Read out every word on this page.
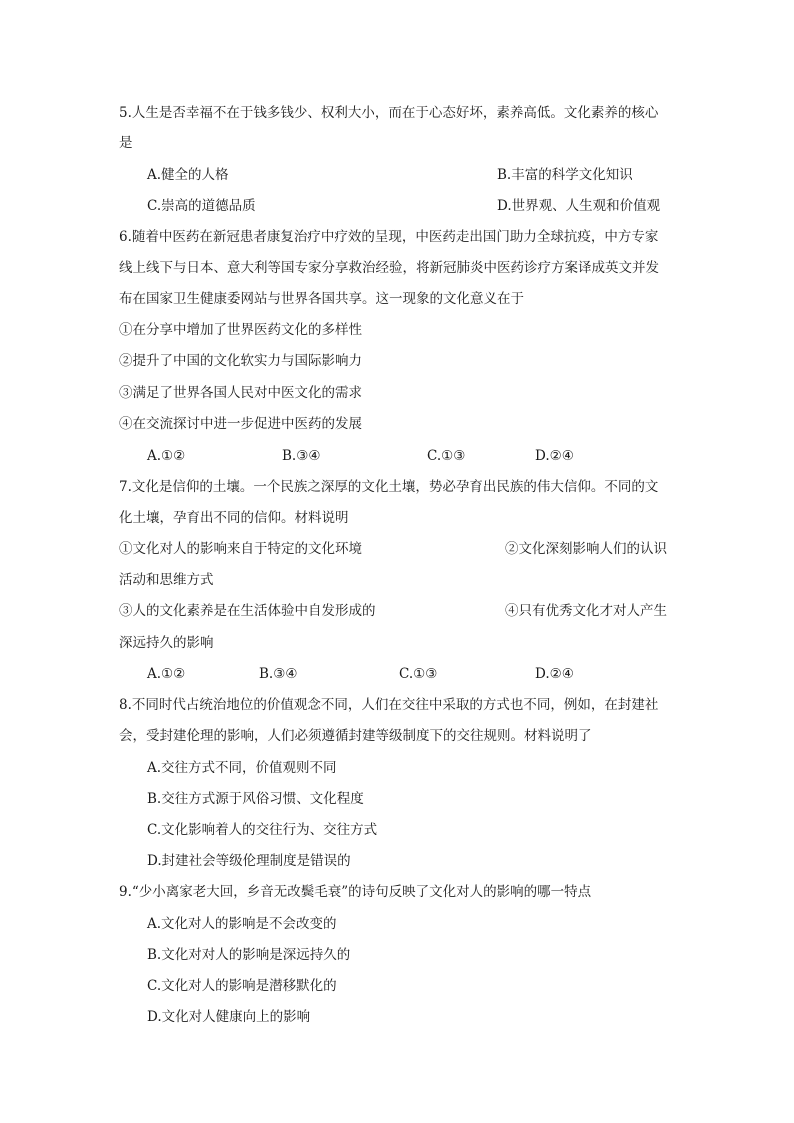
5.人生是否幸福不在于钱多钱少、权利大小，而在于心态好坏，素养高低。文化素养的核心
是
A.健全的人格	B.丰富的科学文化知识
C.崇高的道德品质	D.世界观、人生观和价值观
6.随着中医药在新冠患者康复治疗中疗效的呈现，中医药走出国门助力全球抗疫，中方专家
线上线下与日本、意大利等国专家分享救治经验，将新冠肺炎中医药诊疗方案译成英文并发
布在国家卫生健康委网站与世界各国共享。这一现象的文化意义在于
①在分享中增加了世界医药文化的多样性
②提升了中国的文化软实力与国际影响力
③满足了世界各国人民对中医文化的需求
④在交流探讨中进一步促进中医药的发展
A.①②	B.③④	C.①③	D.②④
7.文化是信仰的土壤。一个民族之深厚的文化土壤，势必孕育出民族的伟大信仰。不同的文
化土壤，孕育出不同的信仰。材料说明
①文化对人的影响来自于特定的文化环境	②文化深刻影响人们的认识
活动和思维方式
③人的文化素养是在生活体验中自发形成的	④只有优秀文化才对人产生
深远持久的影响
A.①②	B.③④	C.①③	D.②④
8.不同时代占统治地位的价值观念不同，人们在交往中采取的方式也不同，例如，在封建社
会，受封建伦理的影响，人们必须遵循封建等级制度下的交往规则。材料说明了
A.交往方式不同，价值观则不同
B.交往方式源于风俗习惯、文化程度
C.文化影响着人的交往行为、交往方式
D.封建社会等级伦理制度是错误的
9.“少小离家老大回，乡音无改鬓毛衰”的诗句反映了文化对人的影响的哪一特点
A.文化对人的影响是不会改变的
B.文化对对人的影响是深远持久的
C.文化对人的影响是潜移默化的
D.文化对人健康向上的影响
